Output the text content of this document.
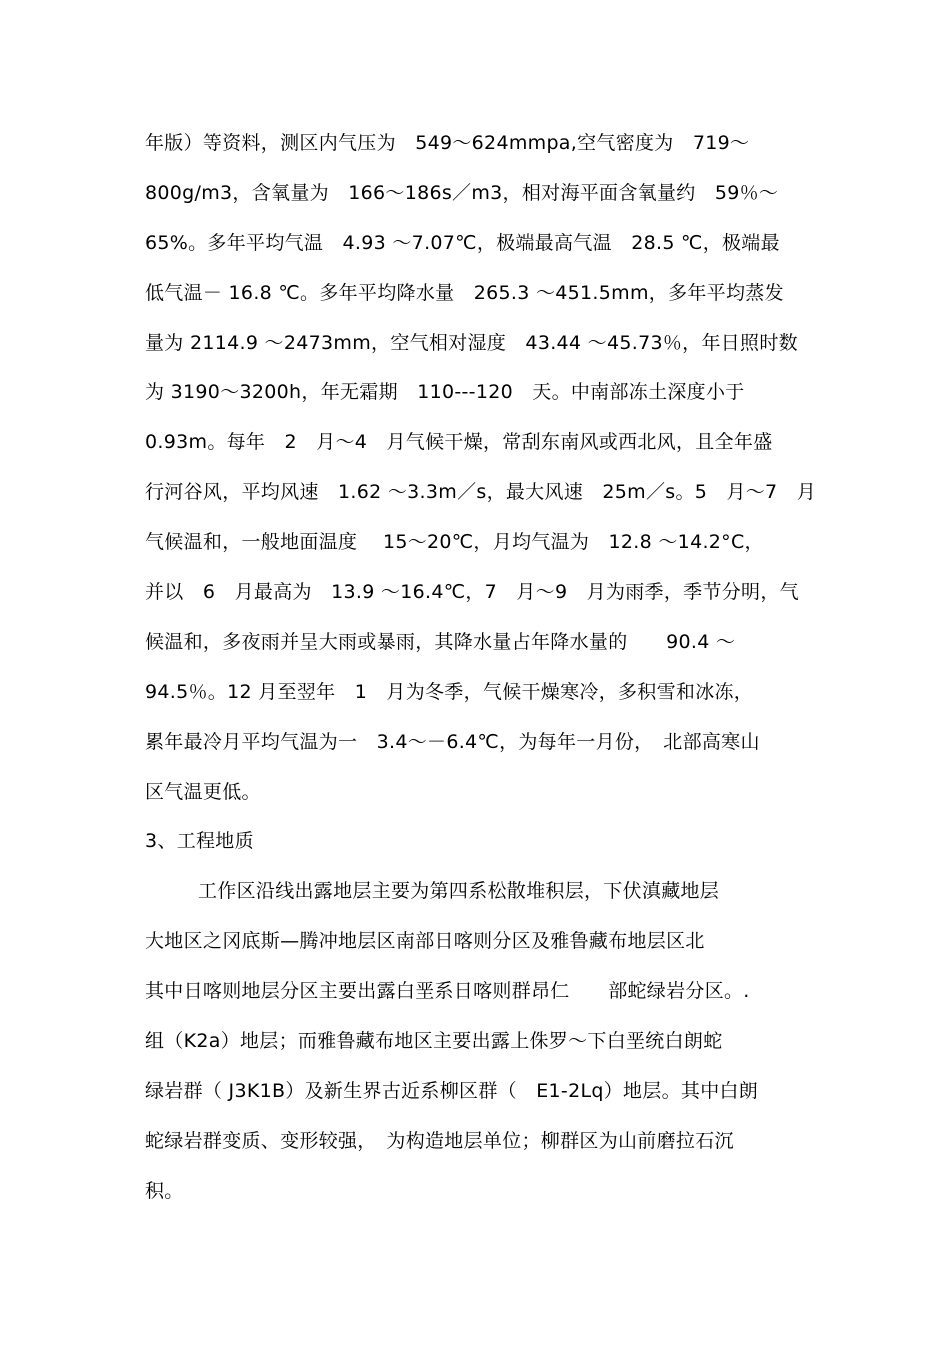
年版）等资料，测区内气压为　549～624mmpa,空气密度为　719～
800g/m3，含氧量为　166～186s／m3，相对海平面含氧量约　59％～
65%。多年平均气温　4.93 ～7.07℃，极端最高气温　28.5 ℃，极端最
低气温－ 16.8 ℃。多年平均降水量　265.3 ～451.5mm，多年平均蒸发
量为 2114.9 ～2473mm，空气相对湿度　43.44 ～45.73％，年日照时数
为 3190～3200h，年无霜期　110---120　天。中南部冻土深度小于
0.93m。每年　2　月～4　月气候干燥，常刮东南风或西北风，且全年盛
行河谷风，平均风速　1.62 ～3.3m／s，最大风速　25m／s。5　月～7　月
气候温和，一般地面温度　 15～20℃，月均气温为　12.8 ～14.2°C，
并以　6　月最高为　13.9 ～16.4℃，7　月～9　月为雨季，季节分明，气
候温和，多夜雨并呈大雨或暴雨，其降水量占年降水量的　　90.4 ～
94.5％。12 月至翌年　1　月为冬季，气候干燥寒冷，多积雪和冰冻，
累年最冷月平均气温为一　3.4～－6.4℃，为每年一月份，　北部高寒山
区气温更低。
3、工程地质
工作区沿线出露地层主要为第四系松散堆积层，下伏滇藏地层
大地区之冈底斯—腾冲地层区南部日喀则分区及雅鲁藏布地层区北
其中日喀则地层分区主要出露白垩系日喀则群昂仁　　部蛇绿岩分区。.
组（K2a）地层；而雅鲁藏布地区主要出露上侏罗～下白垩统白朗蛇
绿岩群（ J3K1B）及新生界古近系柳区群（　E1-2Lq）地层。其中白朗
蛇绿岩群变质、变形较强，　为构造地层单位；柳群区为山前磨拉石沉
积。
